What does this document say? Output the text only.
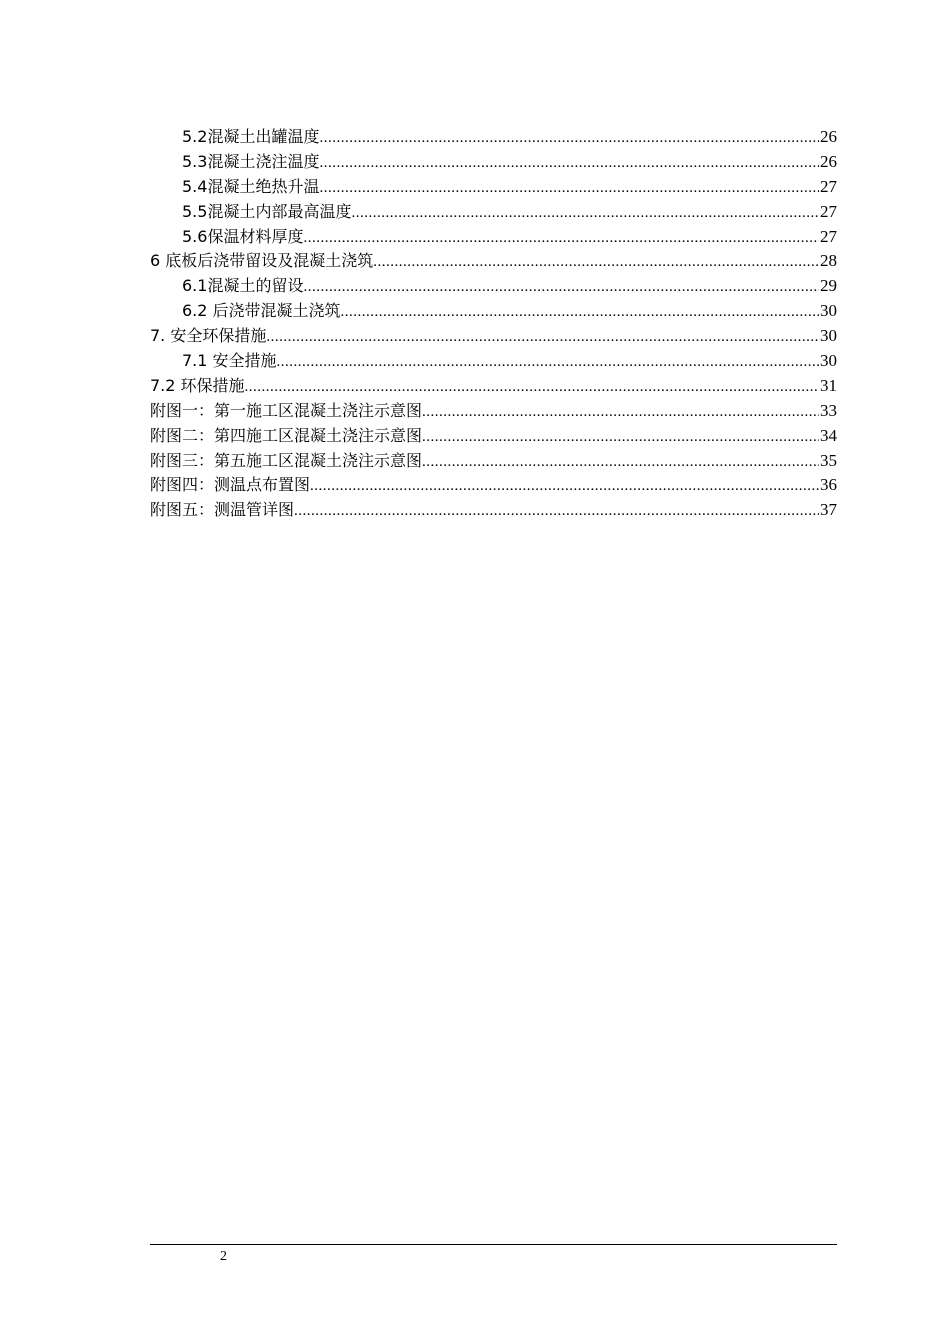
5.2混凝土出罐温度 .....	26
5.3混凝土浇注温度 .....	26
5.4混凝土绝热升温 .....	27
5.5混凝土内部最高温度 .....	27
5.6保温材料厚度 .....	27
6 底板后浇带留设及混凝土浇筑 .....	28
6.1混凝土的留设 .....	29
6.2 后浇带混凝土浇筑 .....	30
7. 安全环保措施 .....	30
7.1 安全措施 .....	30
7.2 环保措施 .....	31
附图一：第一施工区混凝土浇注示意图 .....	33
附图二：第四施工区混凝土浇注示意图 .....	34
附图三：第五施工区混凝土浇注示意图 .....	35
附图四：测温点布置图 .....	36
附图五：测温管详图 .....	37
2
